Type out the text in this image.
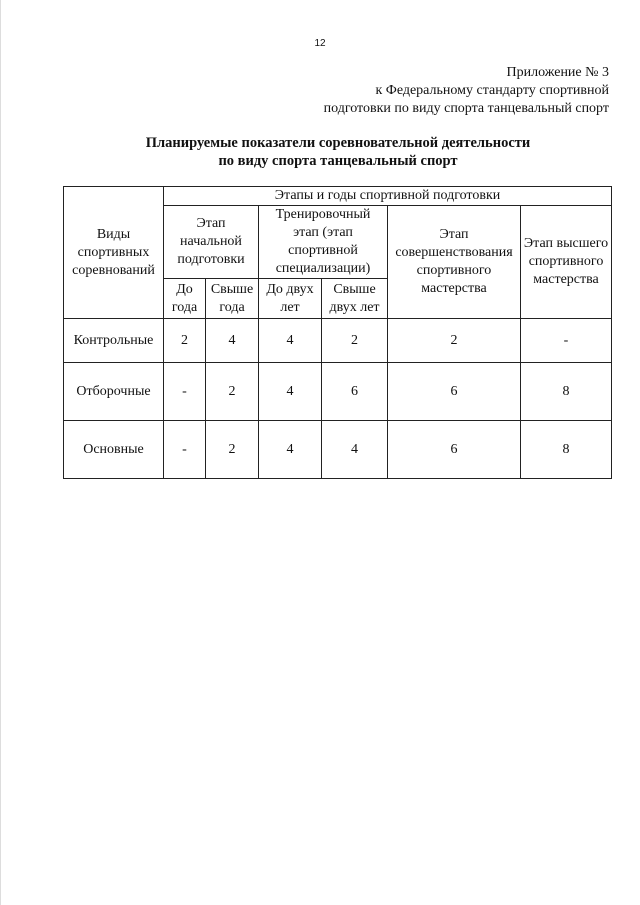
12
Приложение № 3
к Федеральному стандарту спортивной
подготовки по виду спорта танцевальный спорт
Планируемые показатели соревновательной деятельности
по виду спорта танцевальный спорт
Виды спортивных соревнований	Этапы и годы спортивной подготовки					
	Этап начальной подготовки		Тренировочный этап (этап спортивной специализации)		Этап совершенствования спортивного мастерства	Этап высшего спортивного мастерства
	До года	Свыше года	До двух лет	Свыше двух лет		
Контрольные	2	4	4	2	2	-
Отборочные	-	2	4	6	6	8
Основные	-	2	4	4	6	8
